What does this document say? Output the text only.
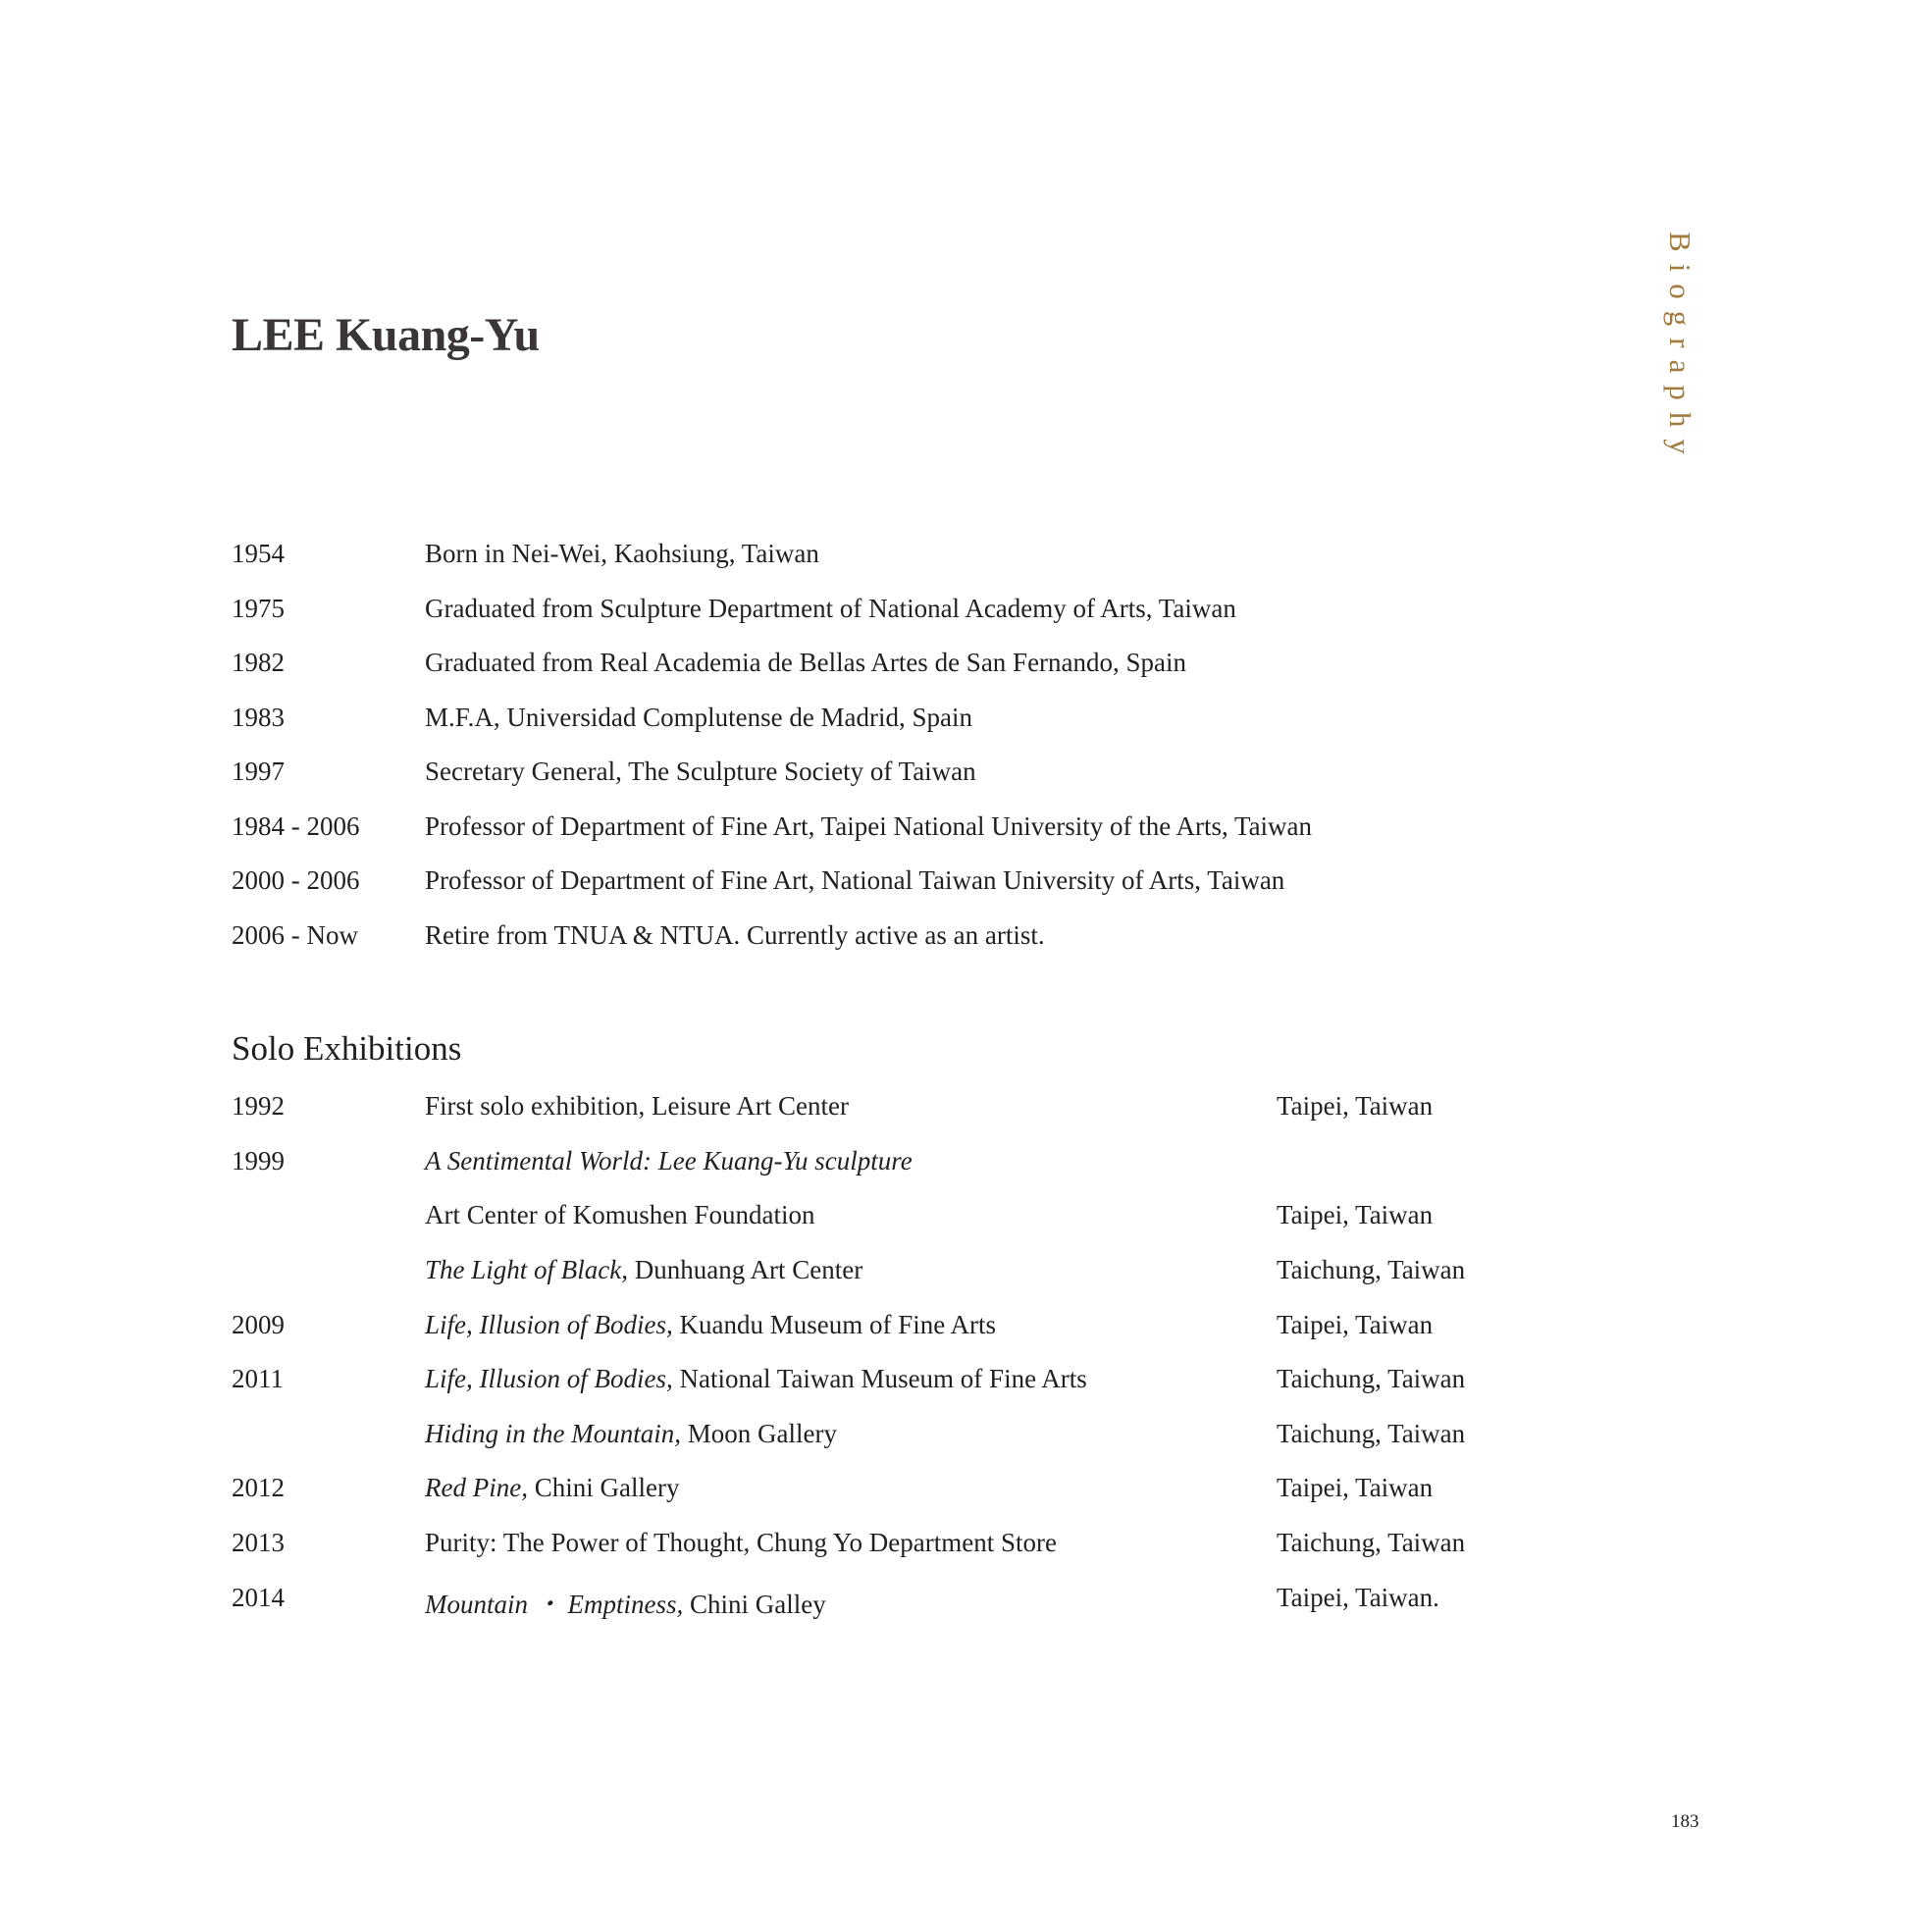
LEE Kuang-Yu	Biography
1954	Born in Nei-Wei, Kaohsiung, Taiwan
1975	Graduated from Sculpture Department of National Academy of Arts, Taiwan
1982	Graduated from Real Academia de Bellas Artes de San Fernando, Spain
1983	M.F.A, Universidad Complutense de Madrid, Spain
1997	Secretary General, The Sculpture Society of Taiwan
1984 - 2006 Professor of Department of Fine Art, Taipei National University of the Arts, Taiwan
2000 - 2006 Professor of Department of Fine Art, National Taiwan University of Arts, Taiwan
2006 - Now	Retire from TNUA & NTUA. Currently active as an artist.
Solo Exhibitions
1992	First solo exhibition, Leisure Art Center	Taipei, Taiwan
1999	A Sentimental World: Lee Kuang-Yu sculpture
Art Center of Komushen Foundation	Taipei, Taiwan
The Light of Black, Dunhuang Art Center	Taichung, Taiwan
2009	Life, Illusion of Bodies, Kuandu Museum of Fine Arts	Taipei, Taiwan
2011	Life, Illusion of Bodies, National Taiwan Museum of Fine Arts	Taichung, Taiwan
Hiding in the Mountain, Moon Gallery	Taichung, Taiwan
2012	Red Pine, Chini Gallery	Taipei, Taiwan
2013	Purity: The Power of Thought, Chung Yo Department Store	Taichung, Taiwan
2014	Mountain ・ Emptiness, Chini Galley	Taipei, Taiwan.
183
